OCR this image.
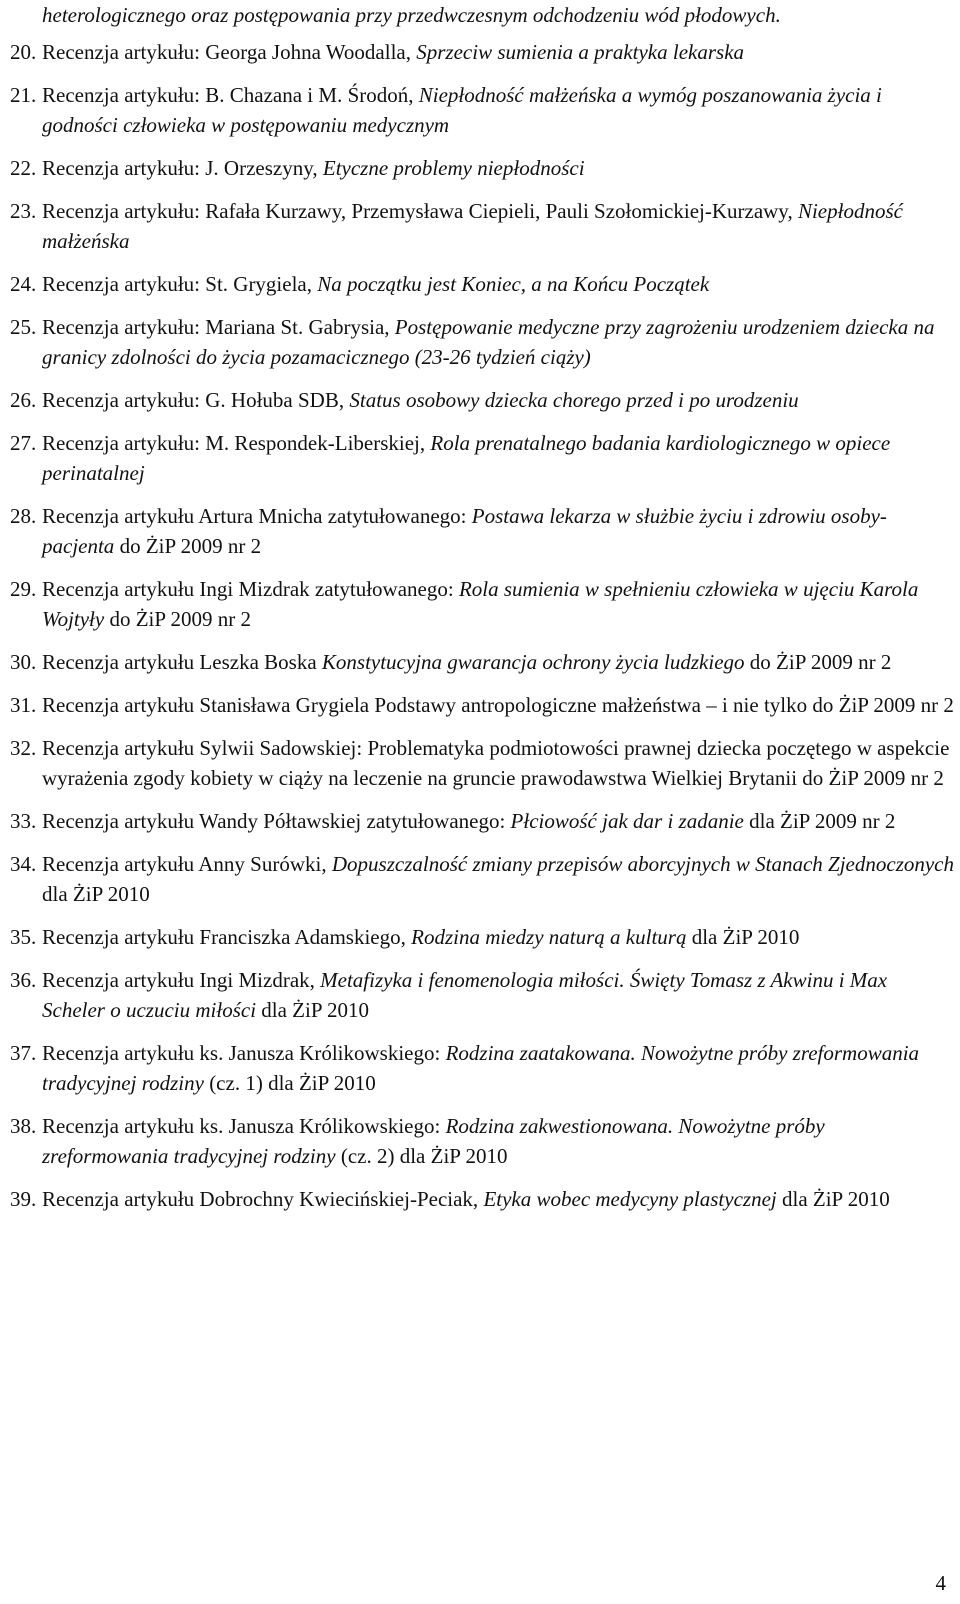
heterologicznego oraz postępowania przy przedwczesnym odchodzeniu wód płodowych.
20. Recenzja artykułu: Georga Johna Woodalla, Sprzeciw sumienia a praktyka lekarska
21. Recenzja artykułu: B. Chazana i M. Środoń, Niepłodność małżeńska a wymóg poszanowania życia i godności człowieka w postępowaniu medycznym
22. Recenzja artykułu: J. Orzeszyny, Etyczne problemy niepłodności
23. Recenzja artykułu: Rafała Kurzawy, Przemysława Ciepieli, Pauli Szołomickiej-Kurzawy, Niepłodność małżeńska
24. Recenzja artykułu: St. Grygiela, Na początku jest Koniec, a na Końcu Początek
25. Recenzja artykułu: Mariana St. Gabrysia, Postępowanie medyczne przy zagrożeniu urodzeniem dziecka na granicy zdolności do życia pozamacicznego (23-26 tydzień ciąży)
26. Recenzja artykułu: G. Hołuba SDB, Status osobowy dziecka chorego przed i po urodzeniu
27. Recenzja artykułu: M. Respondek-Liberskiej, Rola prenatalnego badania kardiologicznego w opiece perinatalnej
28. Recenzja artykułu Artura Mnicha zatytułowanego: Postawa lekarza w służbie życiu i zdrowiu osoby- pacjenta do ŻiP 2009 nr 2
29. Recenzja artykułu Ingi Mizdrak zatytułowanego: Rola sumienia w spełnieniu człowieka w ujęciu Karola Wojtyły do ŻiP 2009 nr 2
30. Recenzja artykułu Leszka Boska Konstytucyjna gwarancja ochrony życia ludzkiego do ŻiP 2009 nr 2
31. Recenzja artykułu Stanisława Grygiela Podstawy antropologiczne małżeństwa – i nie tylko do ŻiP 2009 nr 2
32. Recenzja artykułu Sylwii Sadowskiej: Problematyka podmiotowości prawnej dziecka poczętego w aspekcie wyrażenia zgody kobiety w ciąży na leczenie na gruncie prawodawstwa Wielkiej Brytanii do ŻiP 2009 nr 2
33. Recenzja artykułu Wandy Półtawskiej zatytułowanego: Płciowość jak dar i zadanie dla ŻiP 2009 nr 2
34. Recenzja artykułu Anny Surówki, Dopuszczalność zmiany przepisów aborcyjnych w Stanach Zjednoczonych dla ŻiP 2010
35. Recenzja artykułu Franciszka Adamskiego, Rodzina miedzy naturą a kulturą dla ŻiP 2010
36. Recenzja artykułu Ingi Mizdrak, Metafizyka i fenomenologia miłości. Święty Tomasz z Akwinu i Max Scheler o uczuciu miłości dla ŻiP 2010
37. Recenzja artykułu ks. Janusza Królikowskiego: Rodzina zaatakowana. Nowożytne próby zreformowania tradycyjnej rodziny (cz. 1) dla ŻiP 2010
38. Recenzja artykułu ks. Janusza Królikowskiego: Rodzina zakwestionowana. Nowożytne próby zreformowania tradycyjnej rodziny (cz. 2) dla ŻiP 2010
39. Recenzja artykułu Dobrochny Kwiecińskiej-Peciak, Etyka wobec medycyny plastycznej dla ŻiP 2010
4
